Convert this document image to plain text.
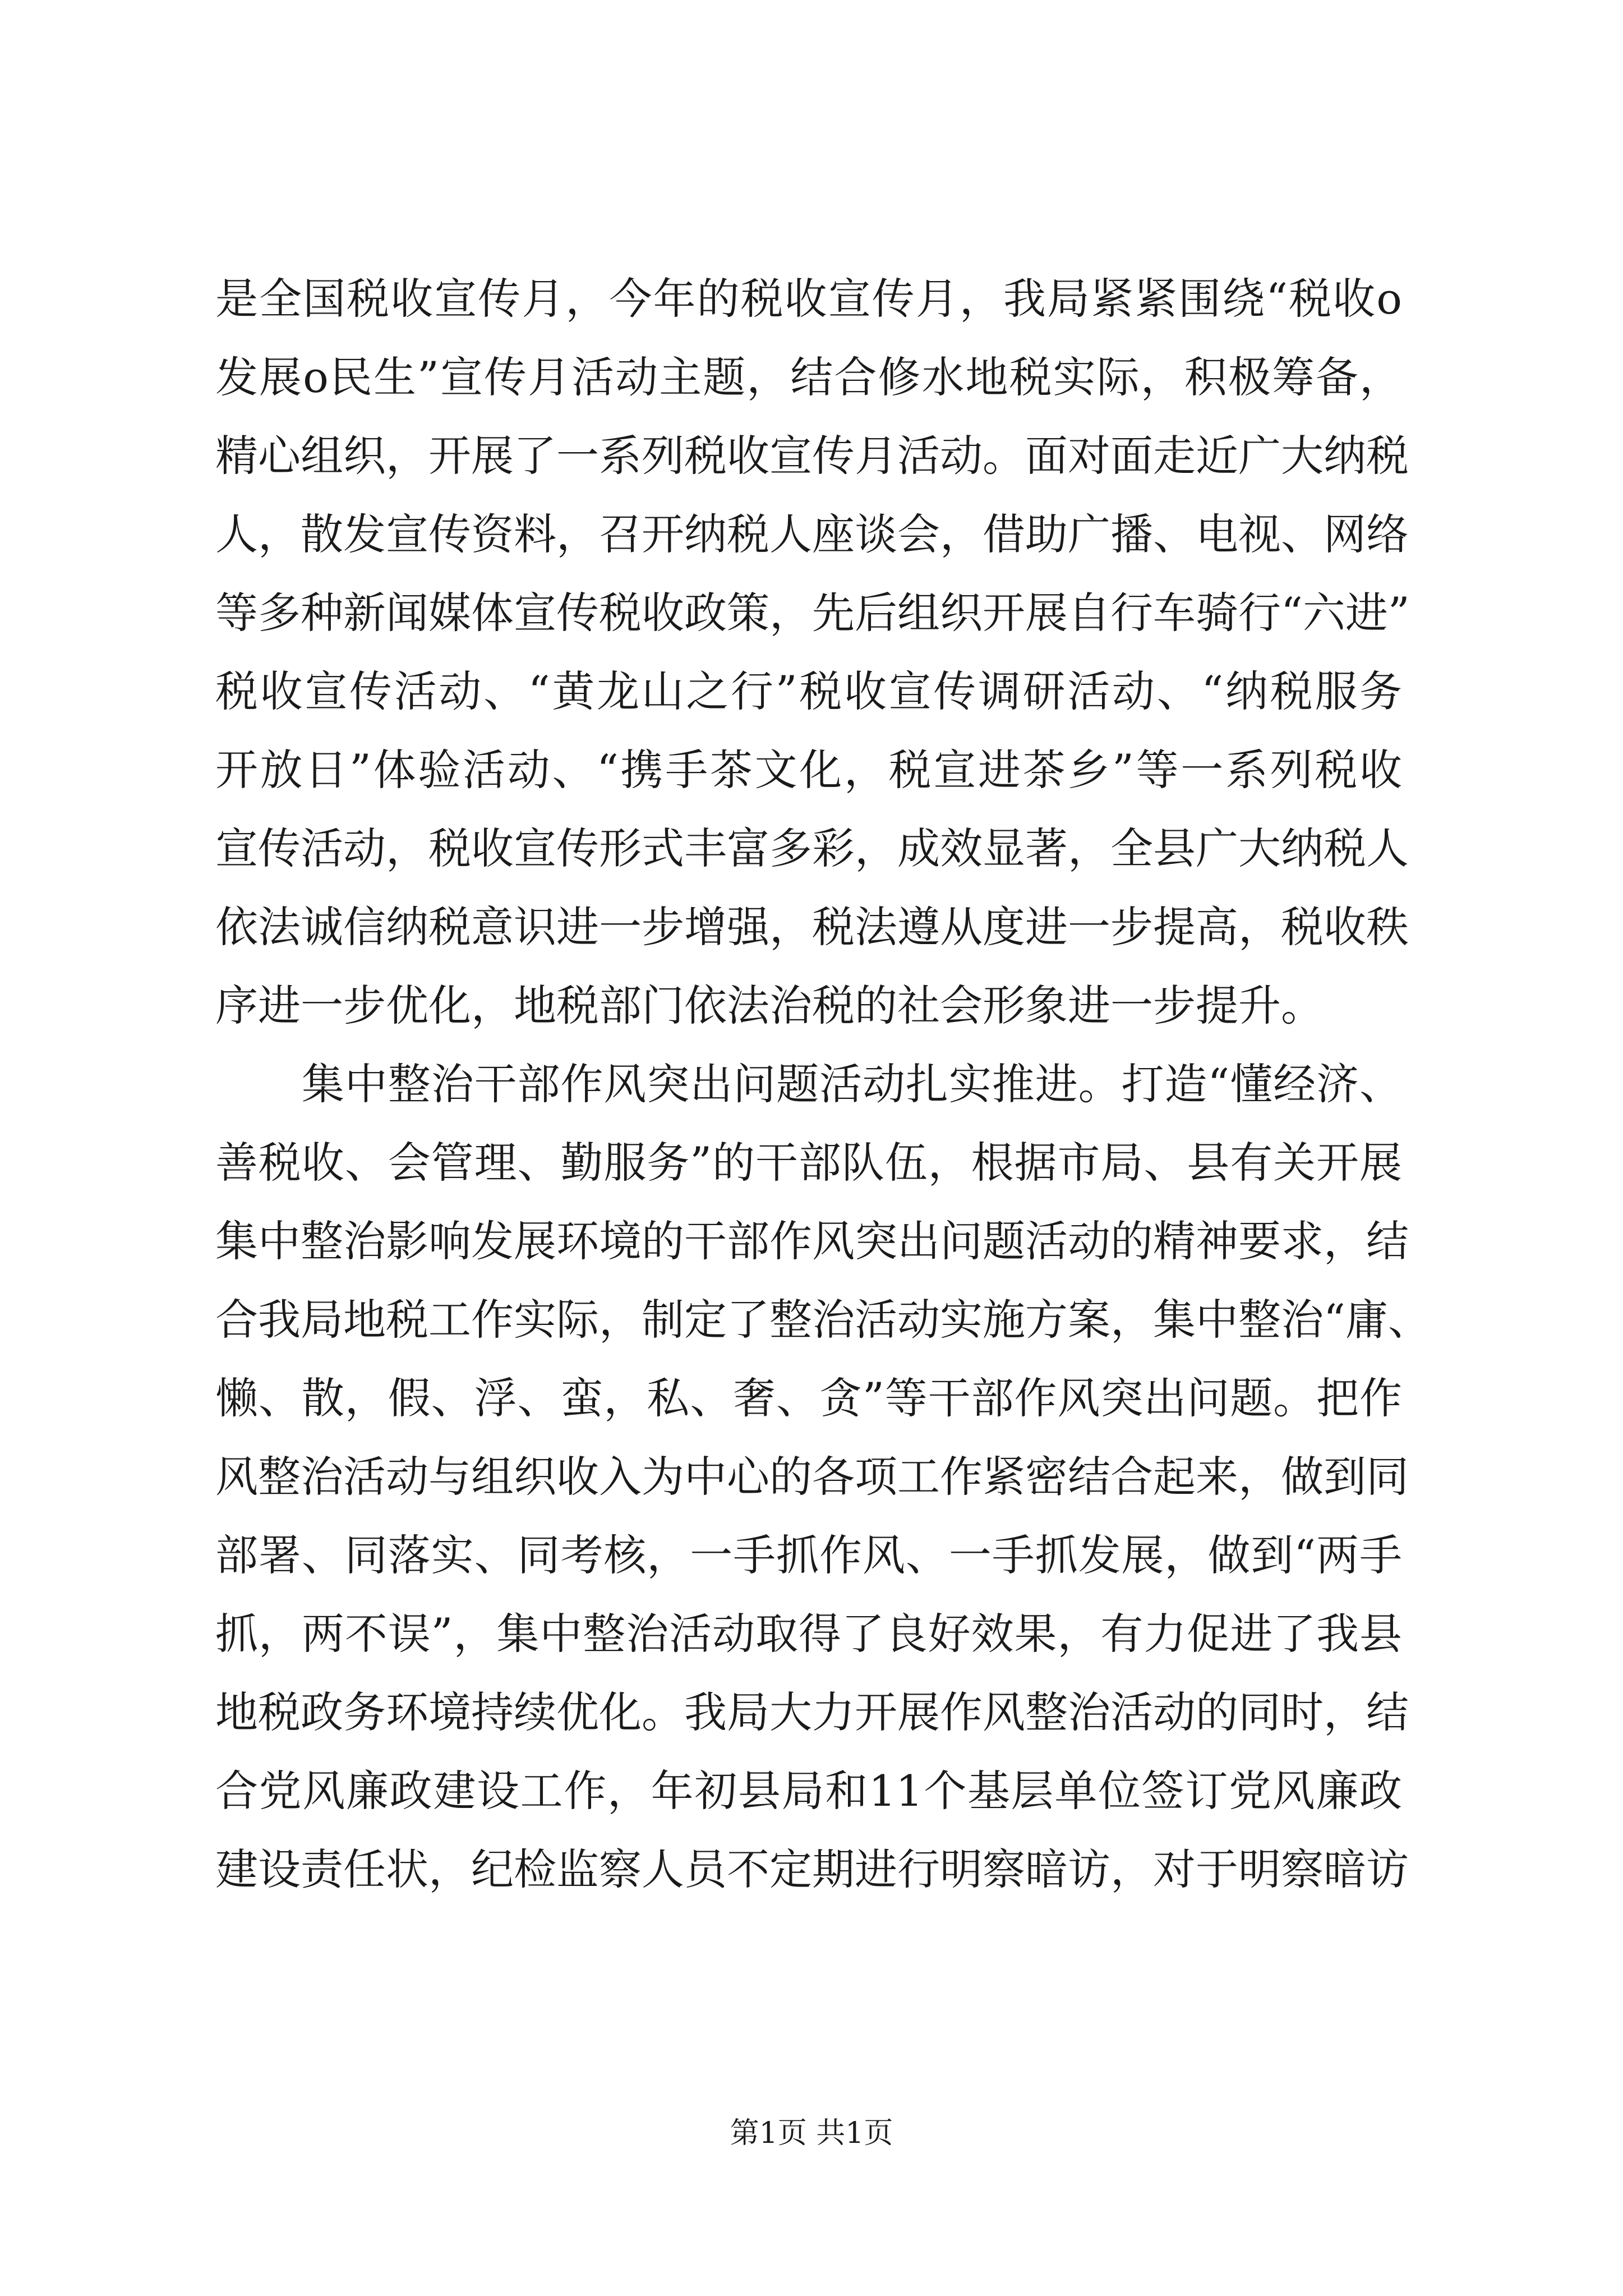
是全国税收宣传月，今年的税收宣传月，我局紧紧围绕“税收ο
发展ο民生”宣传月活动主题，结合修水地税实际，积极筹备，
精心组织，开展了一系列税收宣传月活动。面对面走近广大纳税
人，散发宣传资料，召开纳税人座谈会，借助广播、电视、网络
等多种新闻媒体宣传税收政策，先后组织开展自行车骑行“六进”
税收宣传活动、“黄龙山之行”税收宣传调研活动、“纳税服务
开放日”体验活动、“携手茶文化，税宣进茶乡”等一系列税收
宣传活动，税收宣传形式丰富多彩，成效显著，全县广大纳税人
依法诚信纳税意识进一步增强，税法遵从度进一步提高，税收秩
序进一步优化，地税部门依法治税的社会形象进一步提升。
　　集中整治干部作风突出问题活动扎实推进。打造“懂经济、
善税收、会管理、勤服务”的干部队伍，根据市局、县有关开展
集中整治影响发展环境的干部作风突出问题活动的精神要求，结
合我局地税工作实际，制定了整治活动实施方案，集中整治“庸、
懒、散，假、浮、蛮，私、奢、贪”等干部作风突出问题。把作
风整治活动与组织收入为中心的各项工作紧密结合起来，做到同
部署、同落实、同考核，一手抓作风、一手抓发展，做到“两手
抓，两不误”，集中整治活动取得了良好效果，有力促进了我县
地税政务环境持续优化。我局大力开展作风整治活动的同时，结
合党风廉政建设工作，年初县局和11个基层单位签订党风廉政
建设责任状，纪检监察人员不定期进行明察暗访，对于明察暗访
第1页 共1页
